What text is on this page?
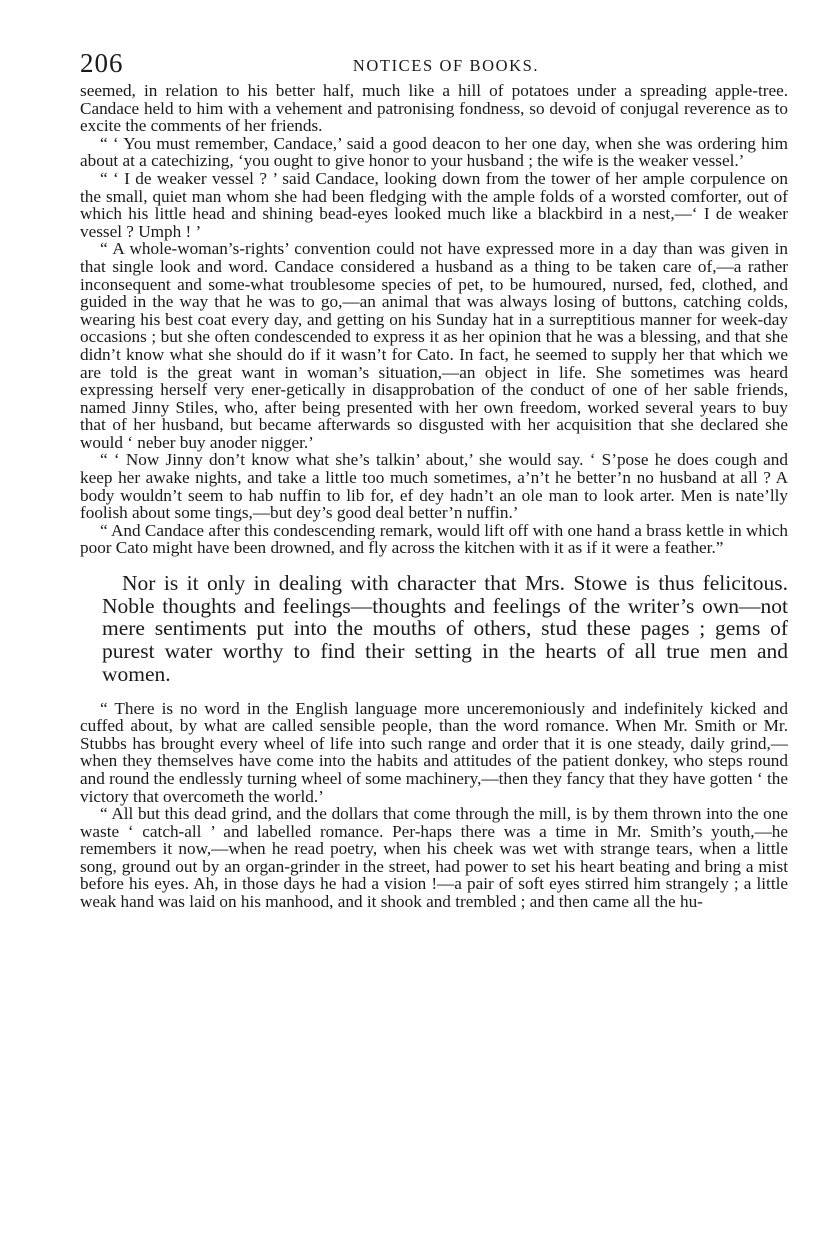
206	NOTICES OF BOOKS.

seemed, in relation to his better half, much like a hill of potatoes under a spreading apple-tree. Candace held to him with a vehement and patronising fondness, so devoid of conjugal reverence as to excite the comments of her friends.

“ ‘ You must remember, Candace,’ said a good deacon to her one day, when she was ordering him about at a catechizing, ‘you ought to give honor to your husband ; the wife is the weaker vessel.’

“ ‘ I de weaker vessel ? ’ said Candace, looking down from the tower of her ample corpulence on the small, quiet man whom she had been fledging with the ample folds of a worsted comforter, out of which his little head and shining bead-eyes looked much like a blackbird in a nest,—‘ I de weaker vessel ? Umph ! ’

“ A whole-woman’s-rights’ convention could not have expressed more in a day than was given in that single look and word. Candace considered a husband as a thing to be taken care of,—a rather inconsequent and some-what troublesome species of pet, to be humoured, nursed, fed, clothed, and guided in the way that he was to go,—an animal that was always losing of buttons, catching colds, wearing his best coat every day, and getting on his Sunday hat in a surreptitious manner for week-day occasions ; but she often condescended to express it as her opinion that he was a blessing, and that she didn’t know what she should do if it wasn’t for Cato. In fact, he seemed to supply her that which we are told is the great want in woman’s situation,—an object in life. She sometimes was heard expressing herself very ener-getically in disapprobation of the conduct of one of her sable friends, named Jinny Stiles, who, after being presented with her own freedom, worked several years to buy that of her husband, but became afterwards so disgusted with her acquisition that she declared she would ‘ neber buy anoder nigger.’

“ ‘ Now Jinny don’t know what she’s talkin’ about,’ she would say. ‘ S’pose he does cough and keep her awake nights, and take a little too much sometimes, a’n’t he better’n no husband at all ? A body wouldn’t seem to hab nuffin to lib for, ef dey hadn’t an ole man to look arter. Men is nate’lly foolish about some tings,—but dey’s good deal better’n nuffin.’

“ And Candace after this condescending remark, would lift off with one hand a brass kettle in which poor Cato might have been drowned, and fly across the kitchen with it as if it were a feather.”

Nor is it only in dealing with character that Mrs. Stowe is thus felicitous. Noble thoughts and feelings—thoughts and feelings of the writer’s own—not mere sentiments put into the mouths of others, stud these pages ; gems of purest water worthy to find their setting in the hearts of all true men and women.

“ There is no word in the English language more unceremoniously and indefinitely kicked and cuffed about, by what are called sensible people, than the word romance. When Mr. Smith or Mr. Stubbs has brought every wheel of life into such range and order that it is one steady, daily grind,—when they themselves have come into the habits and attitudes of the patient donkey, who steps round and round the endlessly turning wheel of some machinery,—then they fancy that they have gotten ‘ the victory that overcometh the world.’

“ All but this dead grind, and the dollars that come through the mill, is by them thrown into the one waste ‘ catch-all ’ and labelled romance. Per-haps there was a time in Mr. Smith’s youth,—he remembers it now,—when he read poetry, when his cheek was wet with strange tears, when a little song, ground out by an organ-grinder in the street, had power to set his heart beating and bring a mist before his eyes. Ah, in those days he had a vision !—a pair of soft eyes stirred him strangely ; a little weak hand was laid on his manhood, and it shook and trembled ; and then came all the hu-
